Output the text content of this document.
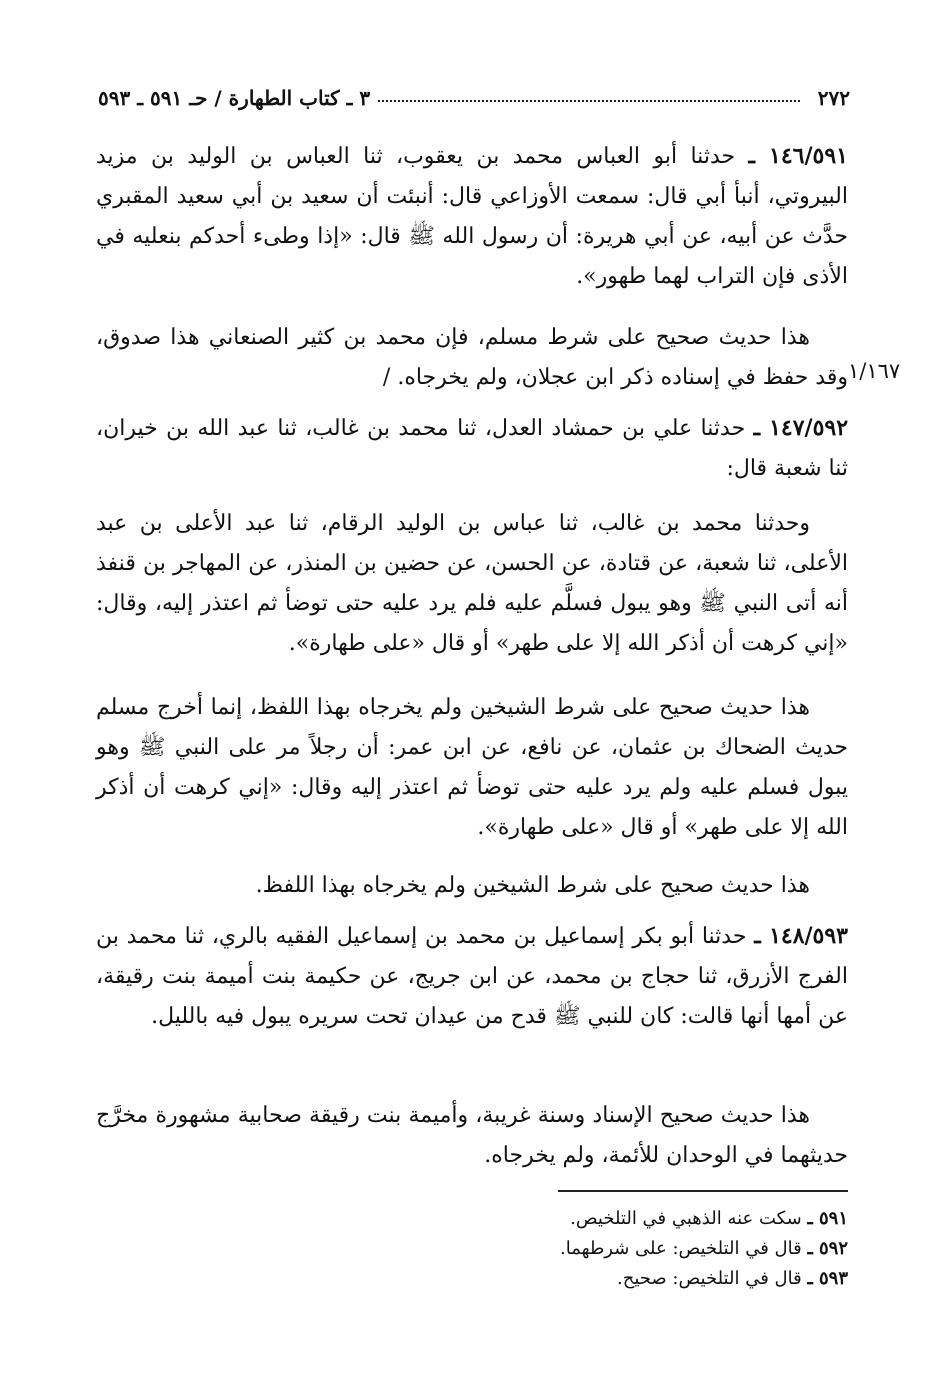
٢٧٢
٣ ـ كتاب الطهارة / حـ ٥٩١ ـ ٥٩٣
١٤٦/٥٩١ ـ حدثنا أبو العباس محمد بن يعقوب، ثنا العباس بن الوليد بن مزيد البيروتي، أنبأ أبي قال: سمعت الأوزاعي قال: أنبئت أن سعيد بن أبي سعيد المقبري حدَّث عن أبيه، عن أبي هريرة: أن رسول الله ﷺ قال: «إذا وطىء أحدكم بنعليه في الأذى فإن التراب لهما طهور».
هذا حديث صحيح على شرط مسلم، فإن محمد بن كثير الصنعاني هذا صدوق، وقد حفظ في إسناده ذكر ابن عجلان، ولم يخرجاه. / ١/١٦٧
١٤٧/٥٩٢ ـ حدثنا علي بن حمشاد العدل، ثنا محمد بن غالب، ثنا عبد الله بن خيران، ثنا شعبة قال:
وحدثنا محمد بن غالب، ثنا عباس بن الوليد الرقام، ثنا عبد الأعلى بن عبد الأعلى، ثنا شعبة، عن قتادة، عن الحسن، عن حضين بن المنذر، عن المهاجر بن قنفذ أنه أتى النبي ﷺ وهو يبول فسلَّم عليه فلم يرد عليه حتى توضأ ثم اعتذر إليه، وقال: «إني كرهت أن أذكر الله إلا على طهر» أو قال «على طهارة».
هذا حديث صحيح على شرط الشيخين ولم يخرجاه بهذا اللفظ، إنما أخرج مسلم حديث الضحاك بن عثمان، عن نافع، عن ابن عمر: أن رجلاً مر على النبي ﷺ وهو يبول فسلم عليه ولم يرد عليه حتى توضأ ثم اعتذر إليه وقال: «إني كرهت أن أذكر الله إلا على طهر» أو قال «على طهارة».
هذا حديث صحيح على شرط الشيخين ولم يخرجاه بهذا اللفظ.
١٤٨/٥٩٣ ـ حدثنا أبو بكر إسماعيل بن محمد بن إسماعيل الفقيه بالري، ثنا محمد بن الفرج الأزرق، ثنا حجاج بن محمد، عن ابن جريج، عن حكيمة بنت أميمة بنت رقيقة، عن أمها أنها قالت: كان للنبي ﷺ قدح من عيدان تحت سريره يبول فيه بالليل.
هذا حديث صحيح الإسناد وسنة غريبة، وأميمة بنت رقيقة صحابية مشهورة مخرَّج حديثهما في الوحدان للأئمة، ولم يخرجاه.
٥٩١ ـ سكت عنه الذهبي في التلخيص.
٥٩٢ ـ قال في التلخيص: على شرطهما.
٥٩٣ ـ قال في التلخيص: صحيح.
